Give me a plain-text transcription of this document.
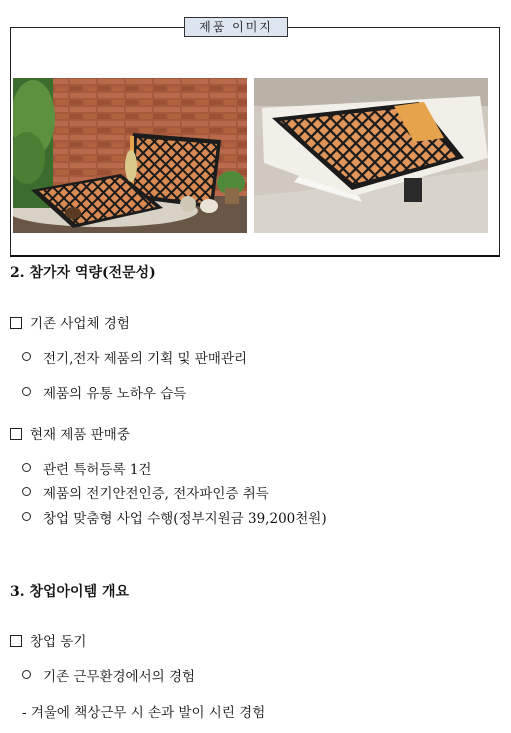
제품 이미지
2. 참가자 역량(전문성)
기존 사업체 경험
전기,전자 제품의 기획 및 판매관리
제품의 유통 노하우 습득
현재 제품 판매중
관련 특허등록 1건
제품의 전기안전인증, 전자파인증 취득
창업 맞춤형 사업 수행(정부지원금 39,200천원)
3. 창업아이템 개요
창업 동기
기존 근무환경에서의 경험
- 겨울에 책상근무 시 손과 발이 시린 경험
